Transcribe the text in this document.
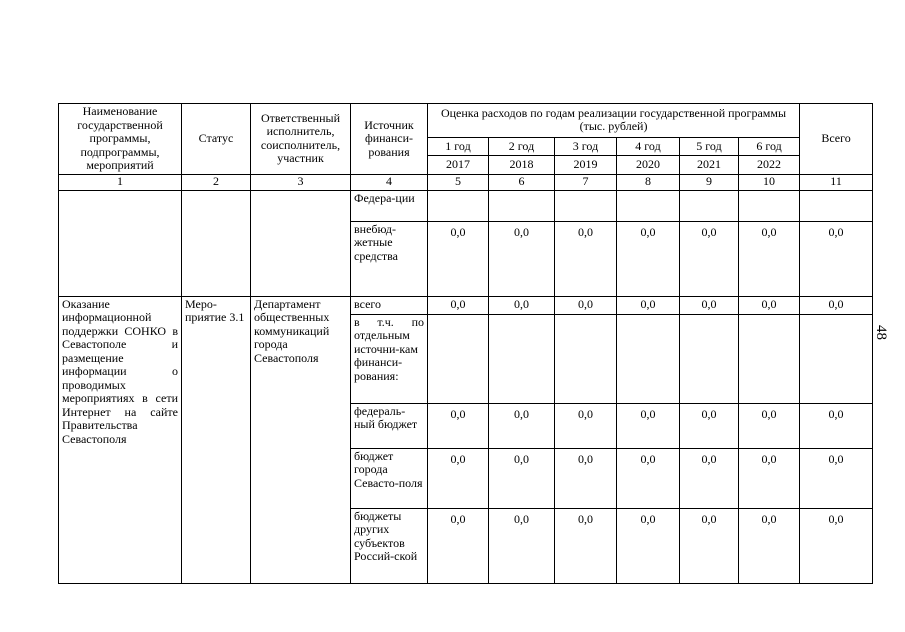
Наименование государственной программы, подпрограммы, мероприятий	Статус	Ответственный исполнитель, соисполнитель, участник	Источник финанси-рования	Оценка расходов по годам реализации государственной программы (тыс. рублей)						Всего
				1 год	2 год	3 год	4 год	5 год	6 год	
				2017	2018	2019	2020	2021	2022	
1	2	3	4	5	6	7	8	9	10	11
			Федера-ции							
			внебюд-жетные средства	0,0	0,0	0,0	0,0	0,0	0,0	0,0
Оказание информационной поддержки СОНКО в Севастополе и размещение информации о проводимых мероприятиях в сети Интернет на сайте Правительства Севастополя	Меро-приятие 3.1	Департамент общественных коммуникаций города Севастополя	всего	0,0	0,0	0,0	0,0	0,0	0,0	0,0
			в т.ч. по отдельным источни-кам финанси-рования:							
			федераль-ный бюджет	0,0	0,0	0,0	0,0	0,0	0,0	0,0
			бюджет города Севасто-поля	0,0	0,0	0,0	0,0	0,0	0,0	0,0
			бюджеты других субъектов Россий-ской	0,0	0,0	0,0	0,0	0,0	0,0	0,0
48
